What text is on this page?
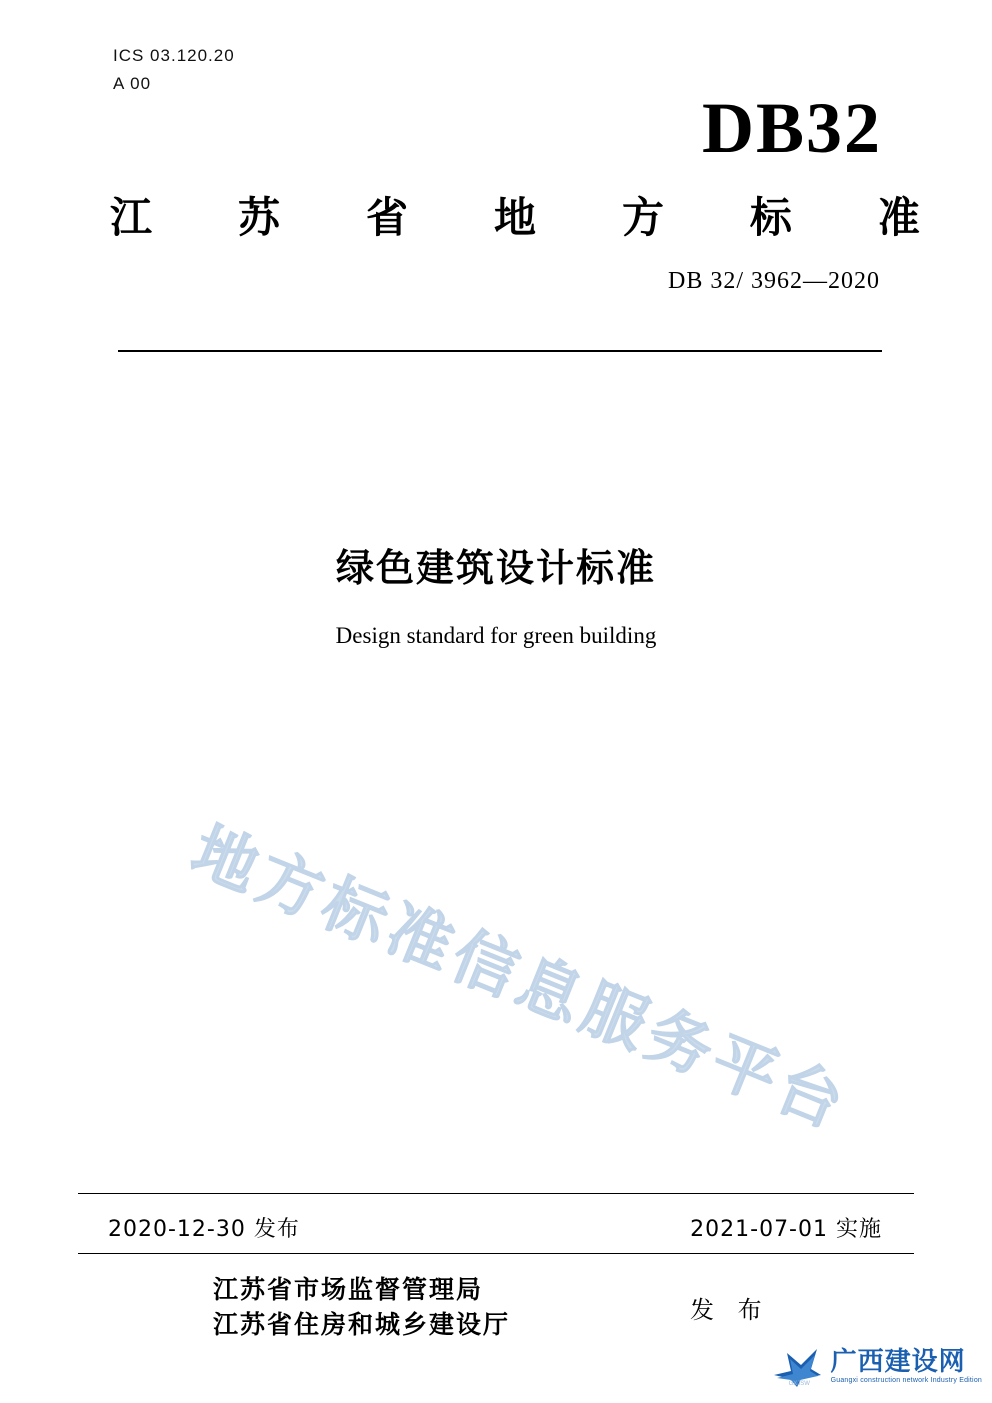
ICS 03.120.20
A 00
DB32
江 苏 省 地 方 标 准
DB 32/ 3962—2020
绿色建筑设计标准
Design standard for green building
地方标准信息服务平台
2020-12-30 发布	2021-07-01 实施
江苏省市场监督管理局
江苏省住房和城乡建设厅	发 布
广西建设网
Guangxi construction network Industry Edition
GXJSW
